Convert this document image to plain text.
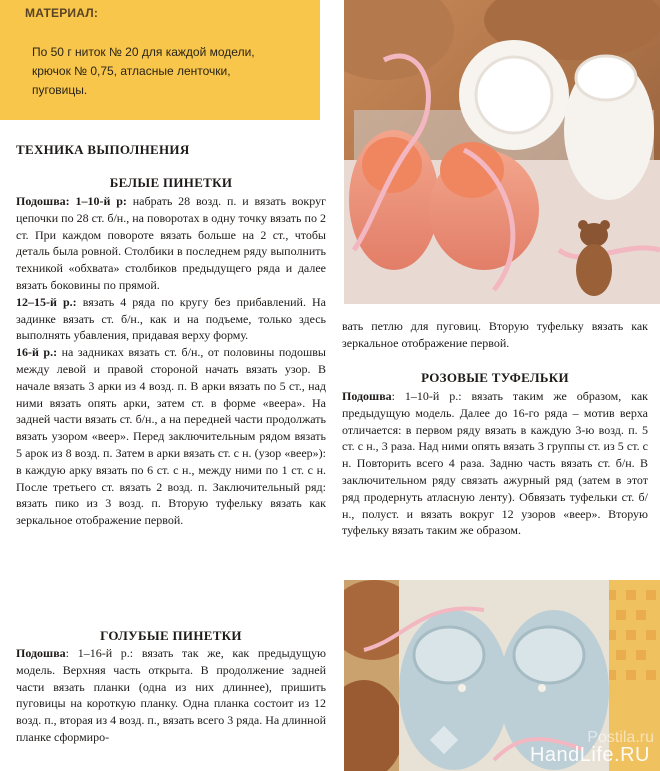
МАТЕРИАЛ:
По 50 г ниток № 20 для каждой модели,
крючок № 0,75, атласные ленточки,
пуговицы.
ТЕХНИКА ВЫПОЛНЕНИЯ
БЕЛЫЕ ПИНЕТКИ

Подошва: 1–10-й р: набрать 28 возд. п. и вязать вокруг цепочки по 28 ст. б/н., на поворотах в одну точку вязать по 2 ст. При каждом повороте вязать больше на 2 ст., чтобы деталь была ровной. Столбики в последнем ряду выполнить техникой «обхвата» столбиков предыдущего ряда и далее вязать боковины по прямой.

12–15-й р.: вязать 4 ряда по кругу без прибавлений. На задинке вязать ст. б/н., как и на подъеме, только здесь выполнять убавления, придавая верху форму.

16-й р.: на задниках вязать ст. б/н., от половины подошвы между левой и правой стороной начать вязать узор. В начале вязать 3 арки из 4 возд. п. В арки вязать по 5 ст., над ними вязать опять арки, затем ст. в форме «веера». На задней части вязать ст. б/н., а на передней части продолжать вязать узором «веер». Перед заключительным рядом вязать 5 арок из 8 возд. п. Затем в арки вязать ст. с н. (узор «веер»): в каждую арку вязать по 6 ст. с н., между ними по 1 ст. с н. После третьего ст. вязать 2 возд. п. Заключительный ряд: вязать пико из 3 возд. п. Вторую туфельку вязать как зеркальное отображение первой.

ГОЛУБЫЕ ПИНЕТКИ

Подошва: 1–16-й р.: вязать так же, как предыдущую модель. Верхняя часть открыта. В продолжение задней части вязать планки (одна из них длиннее), пришить пуговицы на короткую планку. Одна планка состоит из 12 возд. п., вторая из 4 возд. п., вязать всего 3 ряда. На длинной планке сформиро-

вать петлю для пуговиц. Вторую туфельку вязать как зеркальное отображение первой.

РОЗОВЫЕ ТУФЕЛЬКИ

Подошва: 1–10-й р.: вязать таким же образом, как предыдущую модель. Далее до 16-го ряда – мотив верха отличается: в первом ряду вязать в каждую 3-ю возд. п. 5 ст. с н., 3 раза. Над ними опять вязать 3 группы ст. из 5 ст. с н. Повторить всего 4 раза. Задню часть вязать ст. б/н. В заключительном ряду связать ажурный ряд (затем в этот ряд продернуть атласную ленту). Обвязать туфельки ст. б/н., полуст. и вязать вокруг 12 узоров «веер». Вторую туфельку вязать таким же образом.

Postila.ru
HandLife.RU
